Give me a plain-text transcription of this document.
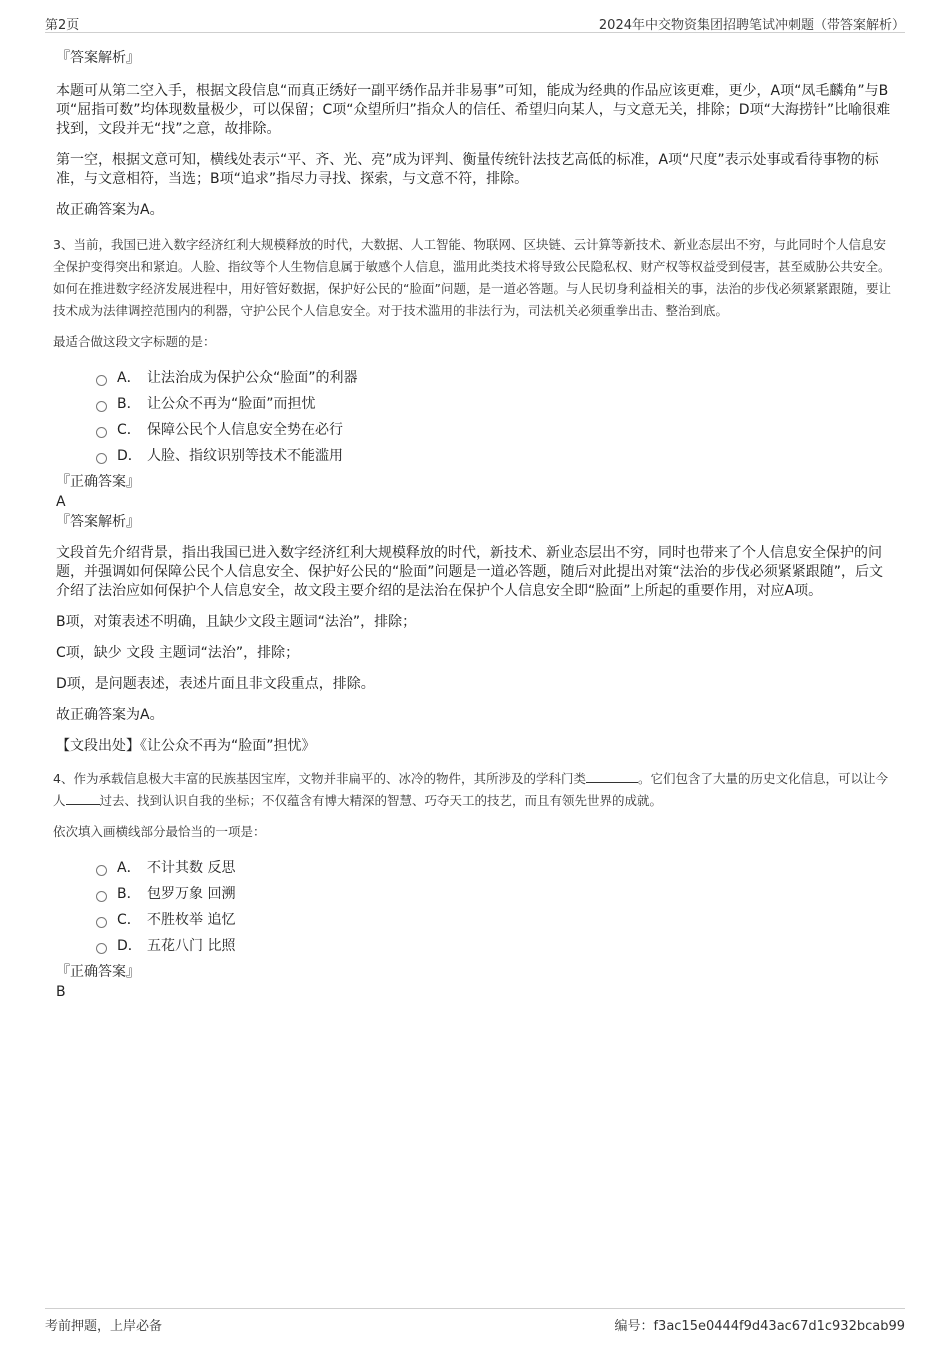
第2页	2024年中交物资集团招聘笔试冲刺题（带答案解析）

『答案解析』

本题可从第二空入手，根据文段信息“而真正绣好一副平绣作品并非易事”可知，能成为经典的作品应该更难，更少，A项“凤毛麟角”与B项“屈指可数”均体现数量极少，可以保留；C项“众望所归”指众人的信任、希望归向某人，与文意无关，排除；D项“大海捞针”比喻很难找到，文段并无“找”之意，故排除。

第一空，根据文意可知，横线处表示“平、齐、光、亮”成为评判、衡量传统针法技艺高低的标准，A项“尺度”表示处事或看待事物的标准，与文意相符，当选；B项“追求”指尽力寻找、探索，与文意不符，排除。

故正确答案为A。

3、当前，我国已进入数字经济红利大规模释放的时代，大数据、人工智能、物联网、区块链、云计算等新技术、新业态层出不穷，与此同时个人信息安全保护变得突出和紧迫。人脸、指纹等个人生物信息属于敏感个人信息，滥用此类技术将导致公民隐私权、财产权等权益受到侵害，甚至威胁公共安全。如何在推进数字经济发展进程中，用好管好数据，保护好公民的“脸面”问题，是一道必答题。与人民切身利益相关的事，法治的步伐必须紧紧跟随，要让技术成为法律调控范围内的利器，守护公民个人信息安全。对于技术滥用的非法行为，司法机关必须重拳出击、整治到底。

最适合做这段文字标题的是：

A． 让法治成为保护公众“脸面”的利器
B． 让公众不再为“脸面”而担忧
C． 保障公民个人信息安全势在必行
D． 人脸、指纹识别等技术不能滥用

『正确答案』

A

『答案解析』

文段首先介绍背景，指出我国已进入数字经济红利大规模释放的时代，新技术、新业态层出不穷，同时也带来了个人信息安全保护的问题，并强调如何保障公民个人信息安全、保护好公民的“脸面”问题是一道必答题，随后对此提出对策“法治的步伐必须紧紧跟随”，后文介绍了法治应如何保护个人信息安全，故文段主要介绍的是法治在保护个人信息安全即“脸面”上所起的重要作用，对应A项。

B项，对策表述不明确，且缺少文段主题词“法治”，排除；

C项，缺少 文段 主题词“法治”，排除；

D项，是问题表述，表述片面且非文段重点，排除。

故正确答案为A。

【文段出处】《让公众不再为“脸面”担忧》

4、作为承载信息极大丰富的民族基因宝库，文物并非扁平的、冰冷的物件，其所涉及的学科门类	。它们包含了大量的历史文化信息，可以让今人	过去、找到认识自我的坐标；不仅蕴含有博大精深的智慧、巧夺天工的技艺，而且有领先世界的成就。

依次填入画横线部分最恰当的一项是：

A． 不计其数 反思
B． 包罗万象 回溯
C． 不胜枚举 追忆
D． 五花八门 比照

『正确答案』

B

考前押题，上岸必备	编号：f3ac15e0444f9d43ac67d1c932bcab99
